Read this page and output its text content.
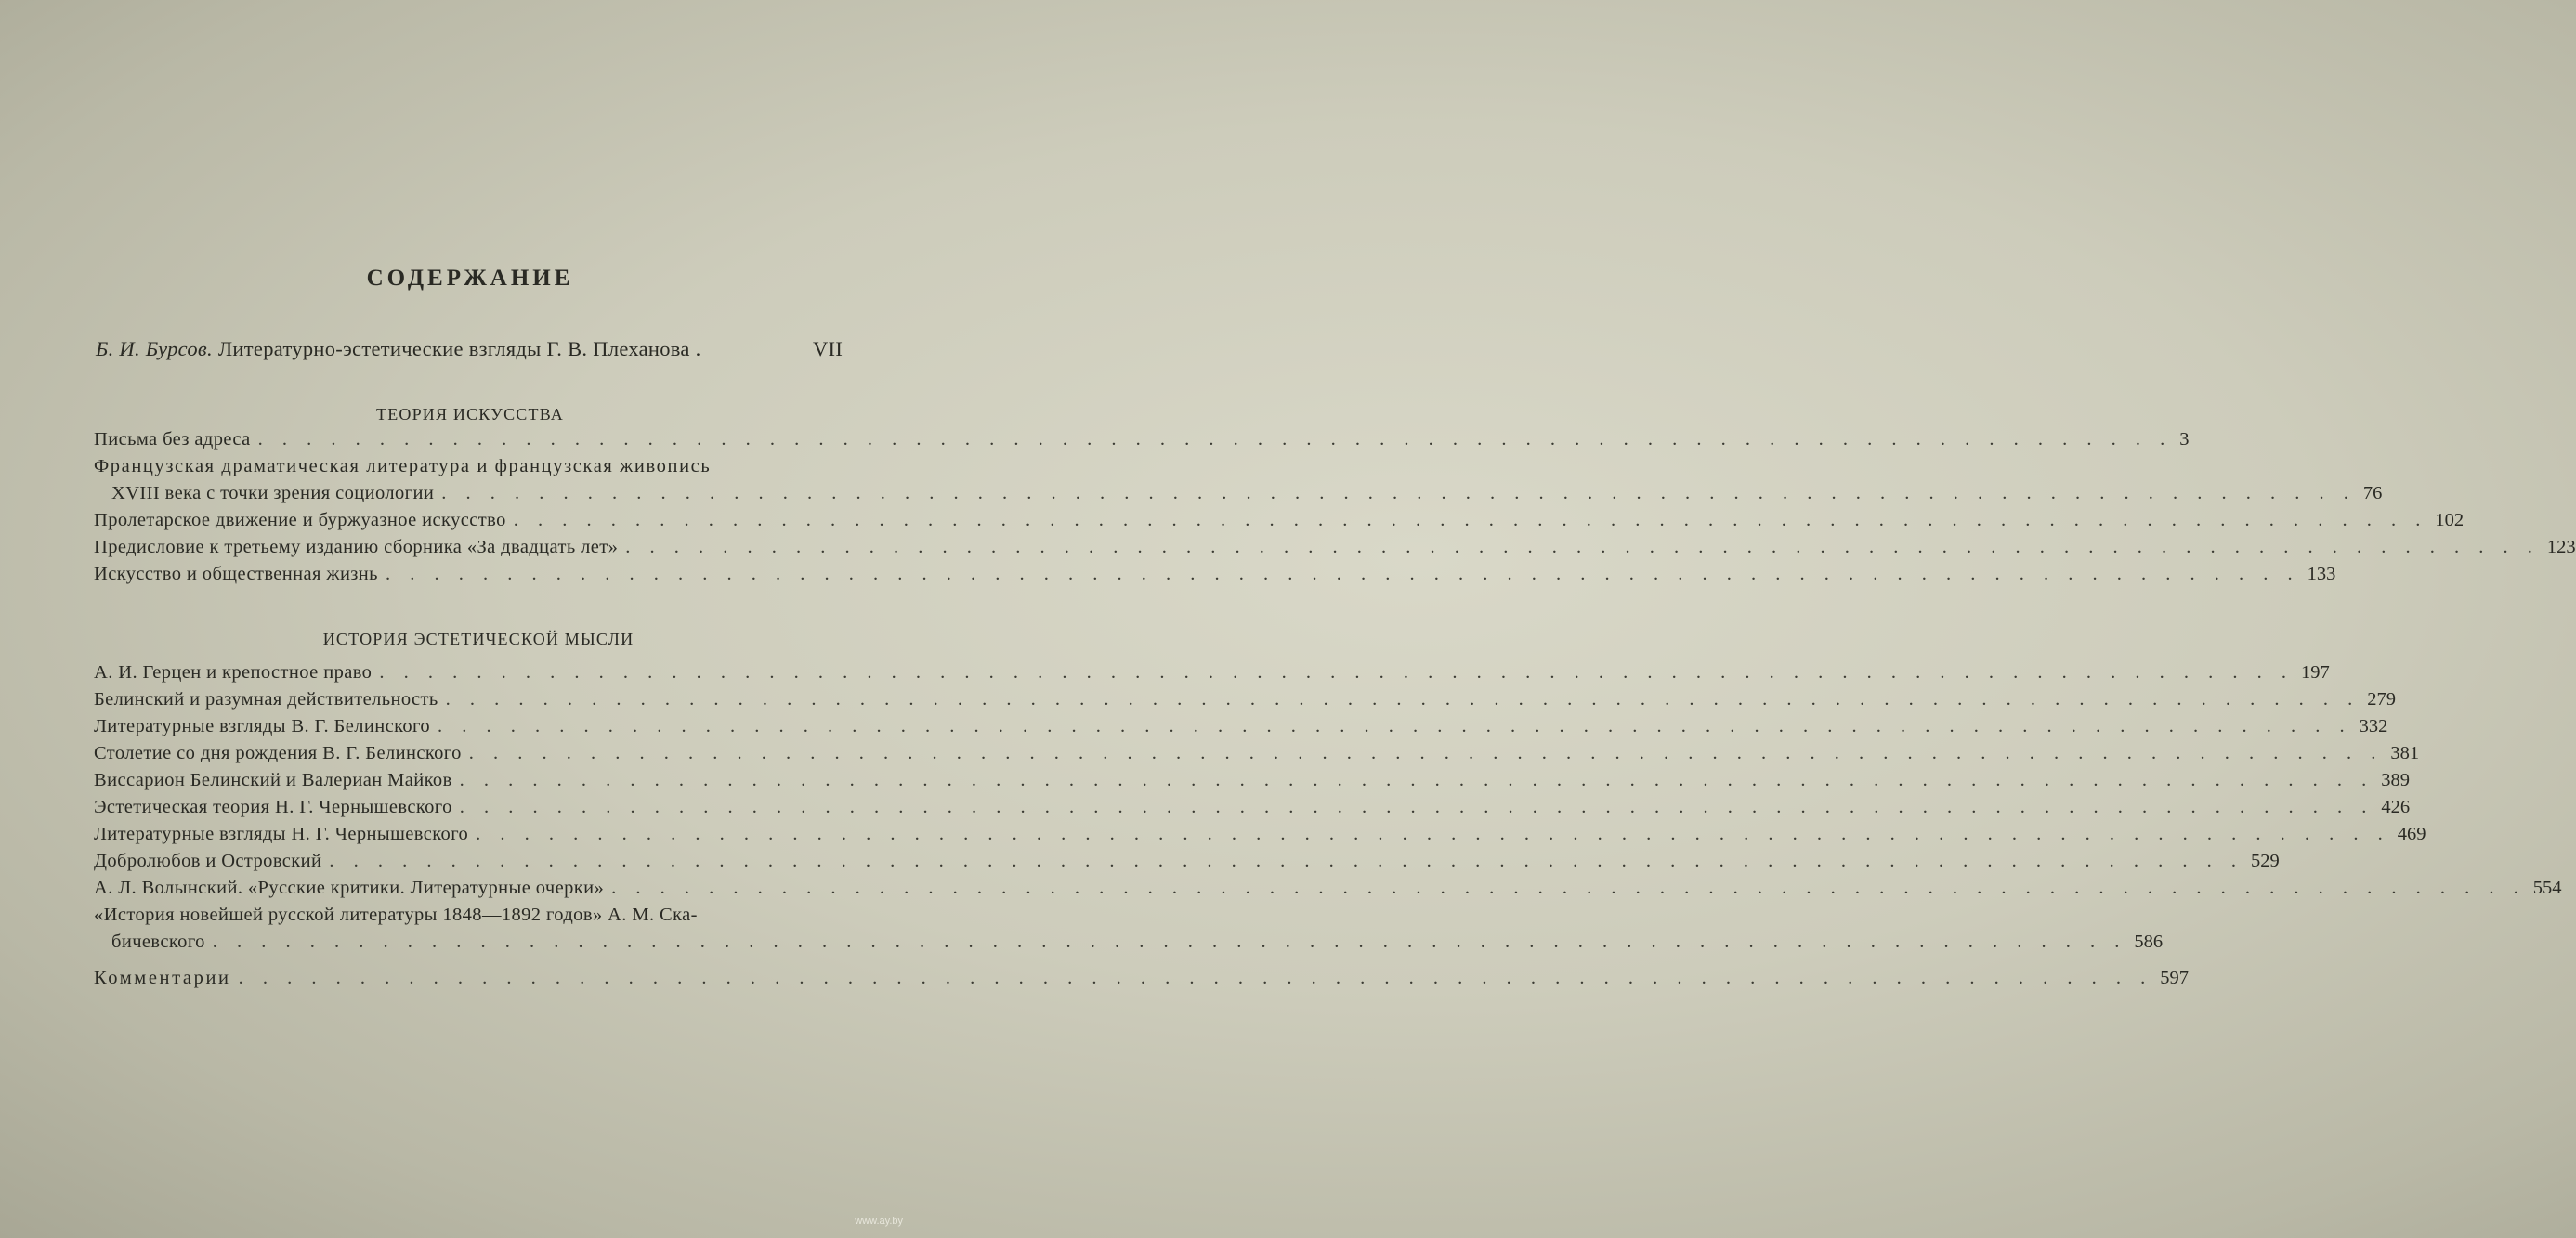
СОДЕРЖАНИЕ
Б. И. Бурсов. Литературно-эстетические взгляды Г. В. Плеханова .	VII
ТЕОРИЯ ИСКУССТВА
Письма без адреса . . . . . . . . . . . . . . . . . . . . . . . . . . . . . . . . . . . . . . . . . . . . . . . . . . . . . . . . . . . . . . . . . . . . . . . . . . . . . . . 3
Французская драматическая литература и французская живопись
XVIII века с точки зрения социологии . . . . . . . . . . . . . . . . . . . . . . . . . . . . . . . . . . . . . . . . . . . . . . . . . . . . . . . . . . . . . . . . . . . . . . . . . . . . . . . 76
Пролетарское движение и буржуазное искусство . . . . . . . . . . . . . . . . . . . . . . . . . . . . . . . . . . . . . . . . . . . . . . . . . . . . . . . . . . . . . . . . . . . . . . . . . . . . . . . 102
Предисловие к третьему изданию сборника «За двадцать лет» . . . . . . . . . . . . . . . . . . . . . . . . . . . . . . . . . . . . . . . . . . . . . . . . . . . . . . . . . . . . . . . . . . . . . . . . . . . . . . . 123
Искусство и общественная жизнь . . . . . . . . . . . . . . . . . . . . . . . . . . . . . . . . . . . . . . . . . . . . . . . . . . . . . . . . . . . . . . . . . . . . . . . . . . . . . . . 133
ИСТОРИЯ ЭСТЕТИЧЕСКОЙ МЫСЛИ
А. И. Герцен и крепостное право . . . . . . . . . . . . . . . . . . . . . . . . . . . . . . . . . . . . . . . . . . . . . . . . . . . . . . . . . . . . . . . . . . . . . . . . . . . . . . . 197
Белинский и разумная действительность . . . . . . . . . . . . . . . . . . . . . . . . . . . . . . . . . . . . . . . . . . . . . . . . . . . . . . . . . . . . . . . . . . . . . . . . . . . . . . . 279
Литературные взгляды В. Г. Белинского . . . . . . . . . . . . . . . . . . . . . . . . . . . . . . . . . . . . . . . . . . . . . . . . . . . . . . . . . . . . . . . . . . . . . . . . . . . . . . . 332
Столетие со дня рождения В. Г. Белинского . . . . . . . . . . . . . . . . . . . . . . . . . . . . . . . . . . . . . . . . . . . . . . . . . . . . . . . . . . . . . . . . . . . . . . . . . . . . . . . 381
Виссарион Белинский и Валериан Майков . . . . . . . . . . . . . . . . . . . . . . . . . . . . . . . . . . . . . . . . . . . . . . . . . . . . . . . . . . . . . . . . . . . . . . . . . . . . . . . 389
Эстетическая теория Н. Г. Чернышевского . . . . . . . . . . . . . . . . . . . . . . . . . . . . . . . . . . . . . . . . . . . . . . . . . . . . . . . . . . . . . . . . . . . . . . . . . . . . . . . 426
Литературные взгляды Н. Г. Чернышевского . . . . . . . . . . . . . . . . . . . . . . . . . . . . . . . . . . . . . . . . . . . . . . . . . . . . . . . . . . . . . . . . . . . . . . . . . . . . . . . 469
Добролюбов и Островский . . . . . . . . . . . . . . . . . . . . . . . . . . . . . . . . . . . . . . . . . . . . . . . . . . . . . . . . . . . . . . . . . . . . . . . . . . . . . . . 529
А. Л. Волынский. «Русские критики. Литературные очерки» . . . . . . . . . . . . . . . . . . . . . . . . . . . . . . . . . . . . . . . . . . . . . . . . . . . . . . . . . . . . . . . . . . . . . . . . . . . . . . . 554
«История новейшей русской литературы 1848—1892 годов» А. М. Ска-
бичевского . . . . . . . . . . . . . . . . . . . . . . . . . . . . . . . . . . . . . . . . . . . . . . . . . . . . . . . . . . . . . . . . . . . . . . . . . . . . . . . 586
Комментарии . . . . . . . . . . . . . . . . . . . . . . . . . . . . . . . . . . . . . . . . . . . . . . . . . . . . . . . . . . . . . . . . . . . . . . . . . . . . . . . 597
www.ay.by
